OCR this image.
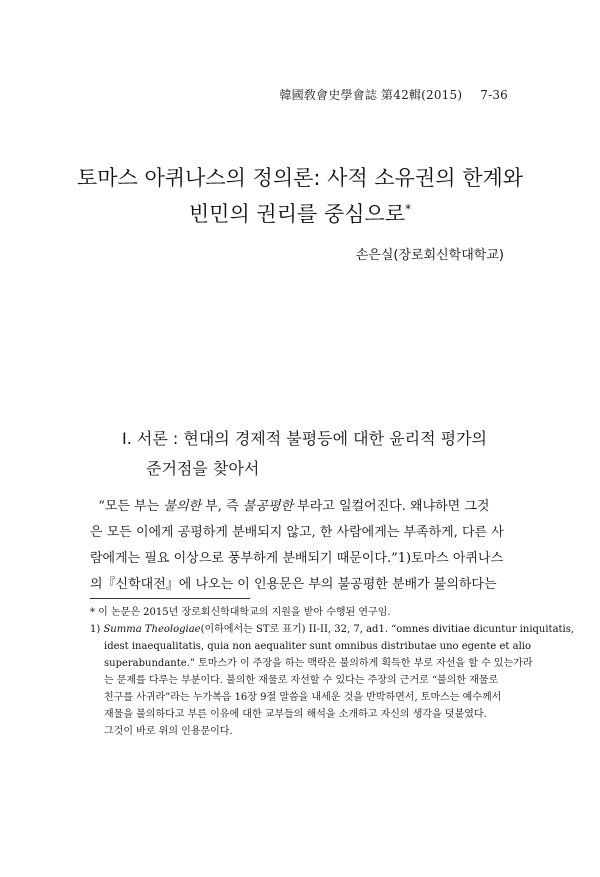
韓國敎會史學會誌 第42輯(2015) 7-36
토마스 아퀴나스의 정의론: 사적 소유권의 한계와
빈민의 권리를 중심으로*
손은실(장로회신학대학교)
Ⅰ. 서론 : 현대의 경제적 불평등에 대한 윤리적 평가의
준거점을 찾아서
“모든 부는 불의한 부, 즉 불공평한 부라고 일컬어진다. 왜냐하면 그것
은 모든 이에게 공평하게 분배되지 않고, 한 사람에게는 부족하게, 다른 사
람에게는 필요 이상으로 풍부하게 분배되기 때문이다.”1)토마스 아퀴나스
의『신학대전』에 나오는 이 인용문은 부의 불공평한 분배가 불의하다는
* 이 논문은 2015년 장로회신학대학교의 지원을 받아 수행된 연구임.
1) Summa Theologiae(이하에서는 ST로 표기) II-II, 32, 7, ad1. “omnes divitiae dicuntur iniquitatis,
idest inaequalitatis, quia non aequaliter sunt omnibus distributae uno egente et alio
superabundante.” 토마스가 이 주장을 하는 맥락은 불의하게 획득한 부로 자선을 할 수 있는가라
는 문제를 다루는 부분이다. 불의한 재물로 자선할 수 있다는 주장의 근거로 “불의한 재물로
친구를 사귀라”라는 누가복음 16장 9절 말씀을 내세운 것을 반박하면서, 토마스는 예수께서
재물을 불의하다고 부른 이유에 대한 교부들의 해석을 소개하고 자신의 생각을 덧붙였다.
그것이 바로 위의 인용문이다.
